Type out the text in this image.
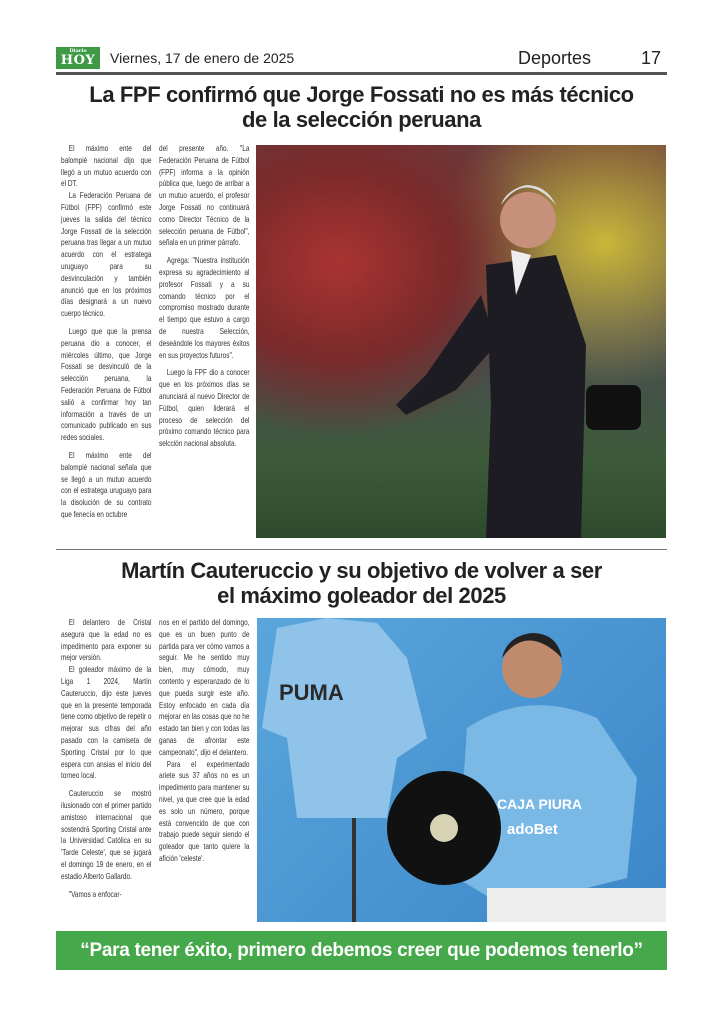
Diario
HOY	Viernes, 17 de enero de 2025	Deportes	17
La FPF confirmó que Jorge Fossati no es más técnico
de la selección peruana

El máximo ente del balompié nacional dijo que llegó a un mutuo acuerdo con el DT.

La Federación Peruana de Fútbol (FPF) confirmó este jueves la salida del técnico Jorge Fossati de la selección peruana tras llegar a un mutuo acuerdo con el estratega uruguayo para su desvinculación y también anunció que en los próximos días designará a un nuevo cuerpo técnico.

Luego que que la prensa peruana dio a conocer, el miércoles último, que Jorge Fossati se desvinculó de la selección peruana, la Federación Peruana de Fútbol salió a confirmar hoy tan información a través de un comunicado publicado en sus redes sociales.

El máximo ente del balompié nacional señala que se llegó a un mutuo acuerdo con el estratega uruguayo para la disolución de su contrato que fenecía en octubre

del presente año. "La Federación Peruana de Fútbol (FPF) informa a la opinión pública que, luego de arribar a un mutuo acuerdo, el profesor Jorge Fossati no continuará como Director Técnico de la selección peruana de Fútbol", señala en un primer párrafo.

Agrega: "Nuestra institución expresa su agradecimiento al profesor Fossati y a su comando técnico por el compromiso mostrado durante el tiempo que estuvo a cargo de nuestra Selección, deseándole los mayores éxitos en sus proyectos futuros".

Luego la FPF dio a conocer que en los próximos días se anunciará al nuevo Director de Fútbol, quien liderará el proceso de selección del próximo comando técnico para selcción nacional absoluta.

Martín Cauteruccio y su objetivo de volver a ser
el máximo goleador del 2025

El delantero de Cristal asegura que la edad no es impedimento para exponer su mejor versión.

El goleador máximo de la Liga 1 2024, Martín Cauteruccio, dijo este jueves que en la presente temporada tiene como objetivo de repetir o mejorar sus cifras del año pasado con la camiseta de Sporting Cristal por lo que espera con ansias el inicio del torneo local.

Cauteruccio se mostró ilusionado con el primer partido amistoso internacional que sostendrá Sporting Cristal ante la Universidad Católica en su 'Tarde Celeste', que se jugará el domingo 19 de enero, en el estadio Alberto Gallardo.

"Vamos a enfocar-

nos en el partido del domingo, que es un buen punto de partida para ver cómo vamos a seguir. Me he sentido muy bien, muy cómodo, muy contento y esperanzado de lo que pueda surgir este año. Estoy enfocado en cada día mejorar en las cosas que no he estado tan bien y con todas las ganas de afrontar este campeonato", dijo el delantero.

Para el experimentado ariete sus 37 años no es un impedimento para mantener su nivel, ya que cree que la edad es solo un número, porque está convencido de que con trabajo puede seguir siendo el goleador que tanto quiere la afición 'celeste'.

PUMA
CAJA PIURA
adoBet
“Para tener éxito, primero debemos creer que podemos tenerlo”
